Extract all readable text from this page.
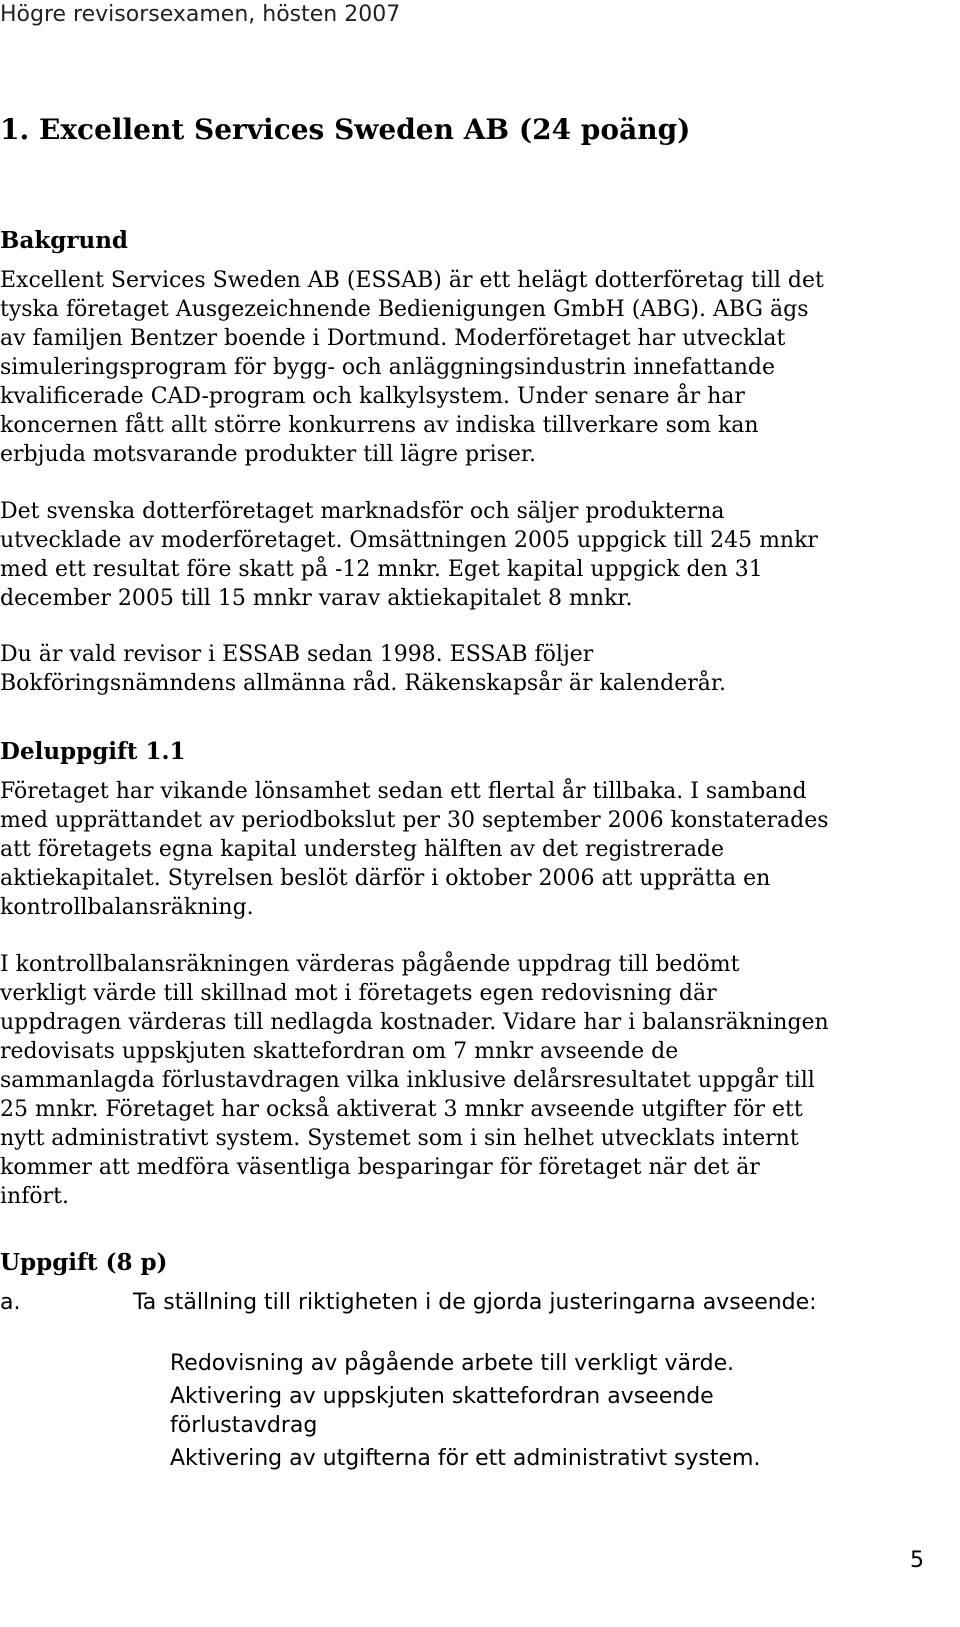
Högre revisorsexamen, hösten 2007
1. Excellent Services Sweden AB (24 poäng)
Bakgrund

Excellent Services Sweden AB (ESSAB) är ett helägt dotterföretag till det
tyska företaget Ausgezeichnende Bedienigungen GmbH (ABG). ABG ägs
av familjen Bentzer boende i Dortmund. Moderföretaget har utvecklat
simuleringsprogram för bygg- och anläggningsindustrin innefattande
kvalificerade CAD-program och kalkylsystem. Under senare år har
koncernen fått allt större konkurrens av indiska tillverkare som kan
erbjuda motsvarande produkter till lägre priser.

Det svenska dotterföretaget marknadsför och säljer produkterna
utvecklade av moderföretaget. Omsättningen 2005 uppgick till 245 mnkr
med ett resultat före skatt på -12 mnkr. Eget kapital uppgick den 31
december 2005 till 15 mnkr varav aktiekapitalet 8 mnkr.

Du är vald revisor i ESSAB sedan 1998. ESSAB följer
Bokföringsnämndens allmänna råd. Räkenskapsår är kalenderår.

Deluppgift 1.1

Företaget har vikande lönsamhet sedan ett flertal år tillbaka. I samband
med upprättandet av periodbokslut per 30 september 2006 konstaterades
att företagets egna kapital understeg hälften av det registrerade
aktiekapitalet. Styrelsen beslöt därför i oktober 2006 att upprätta en
kontrollbalansräkning.

I kontrollbalansräkningen värderas pågående uppdrag till bedömt
verkligt värde till skillnad mot i företagets egen redovisning där
uppdragen värderas till nedlagda kostnader. Vidare har i balansräkningen
redovisats uppskjuten skattefordran om 7 mnkr avseende de
sammanlagda förlustavdragen vilka inklusive delårsresultatet uppgår till
25 mnkr. Företaget har också aktiverat 3 mnkr avseende utgifter för ett
nytt administrativt system. Systemet som i sin helhet utvecklats internt
kommer att medföra väsentliga besparingar för företaget när det är
infört.

Uppgift (8 p)
a.	Ta ställning till riktigheten i de gjorda justeringarna avseende:
Redovisning av pågående arbete till verkligt värde.
Aktivering av uppskjuten skattefordran avseende
förlustavdrag
Aktivering av utgifterna för ett administrativt system.
5
